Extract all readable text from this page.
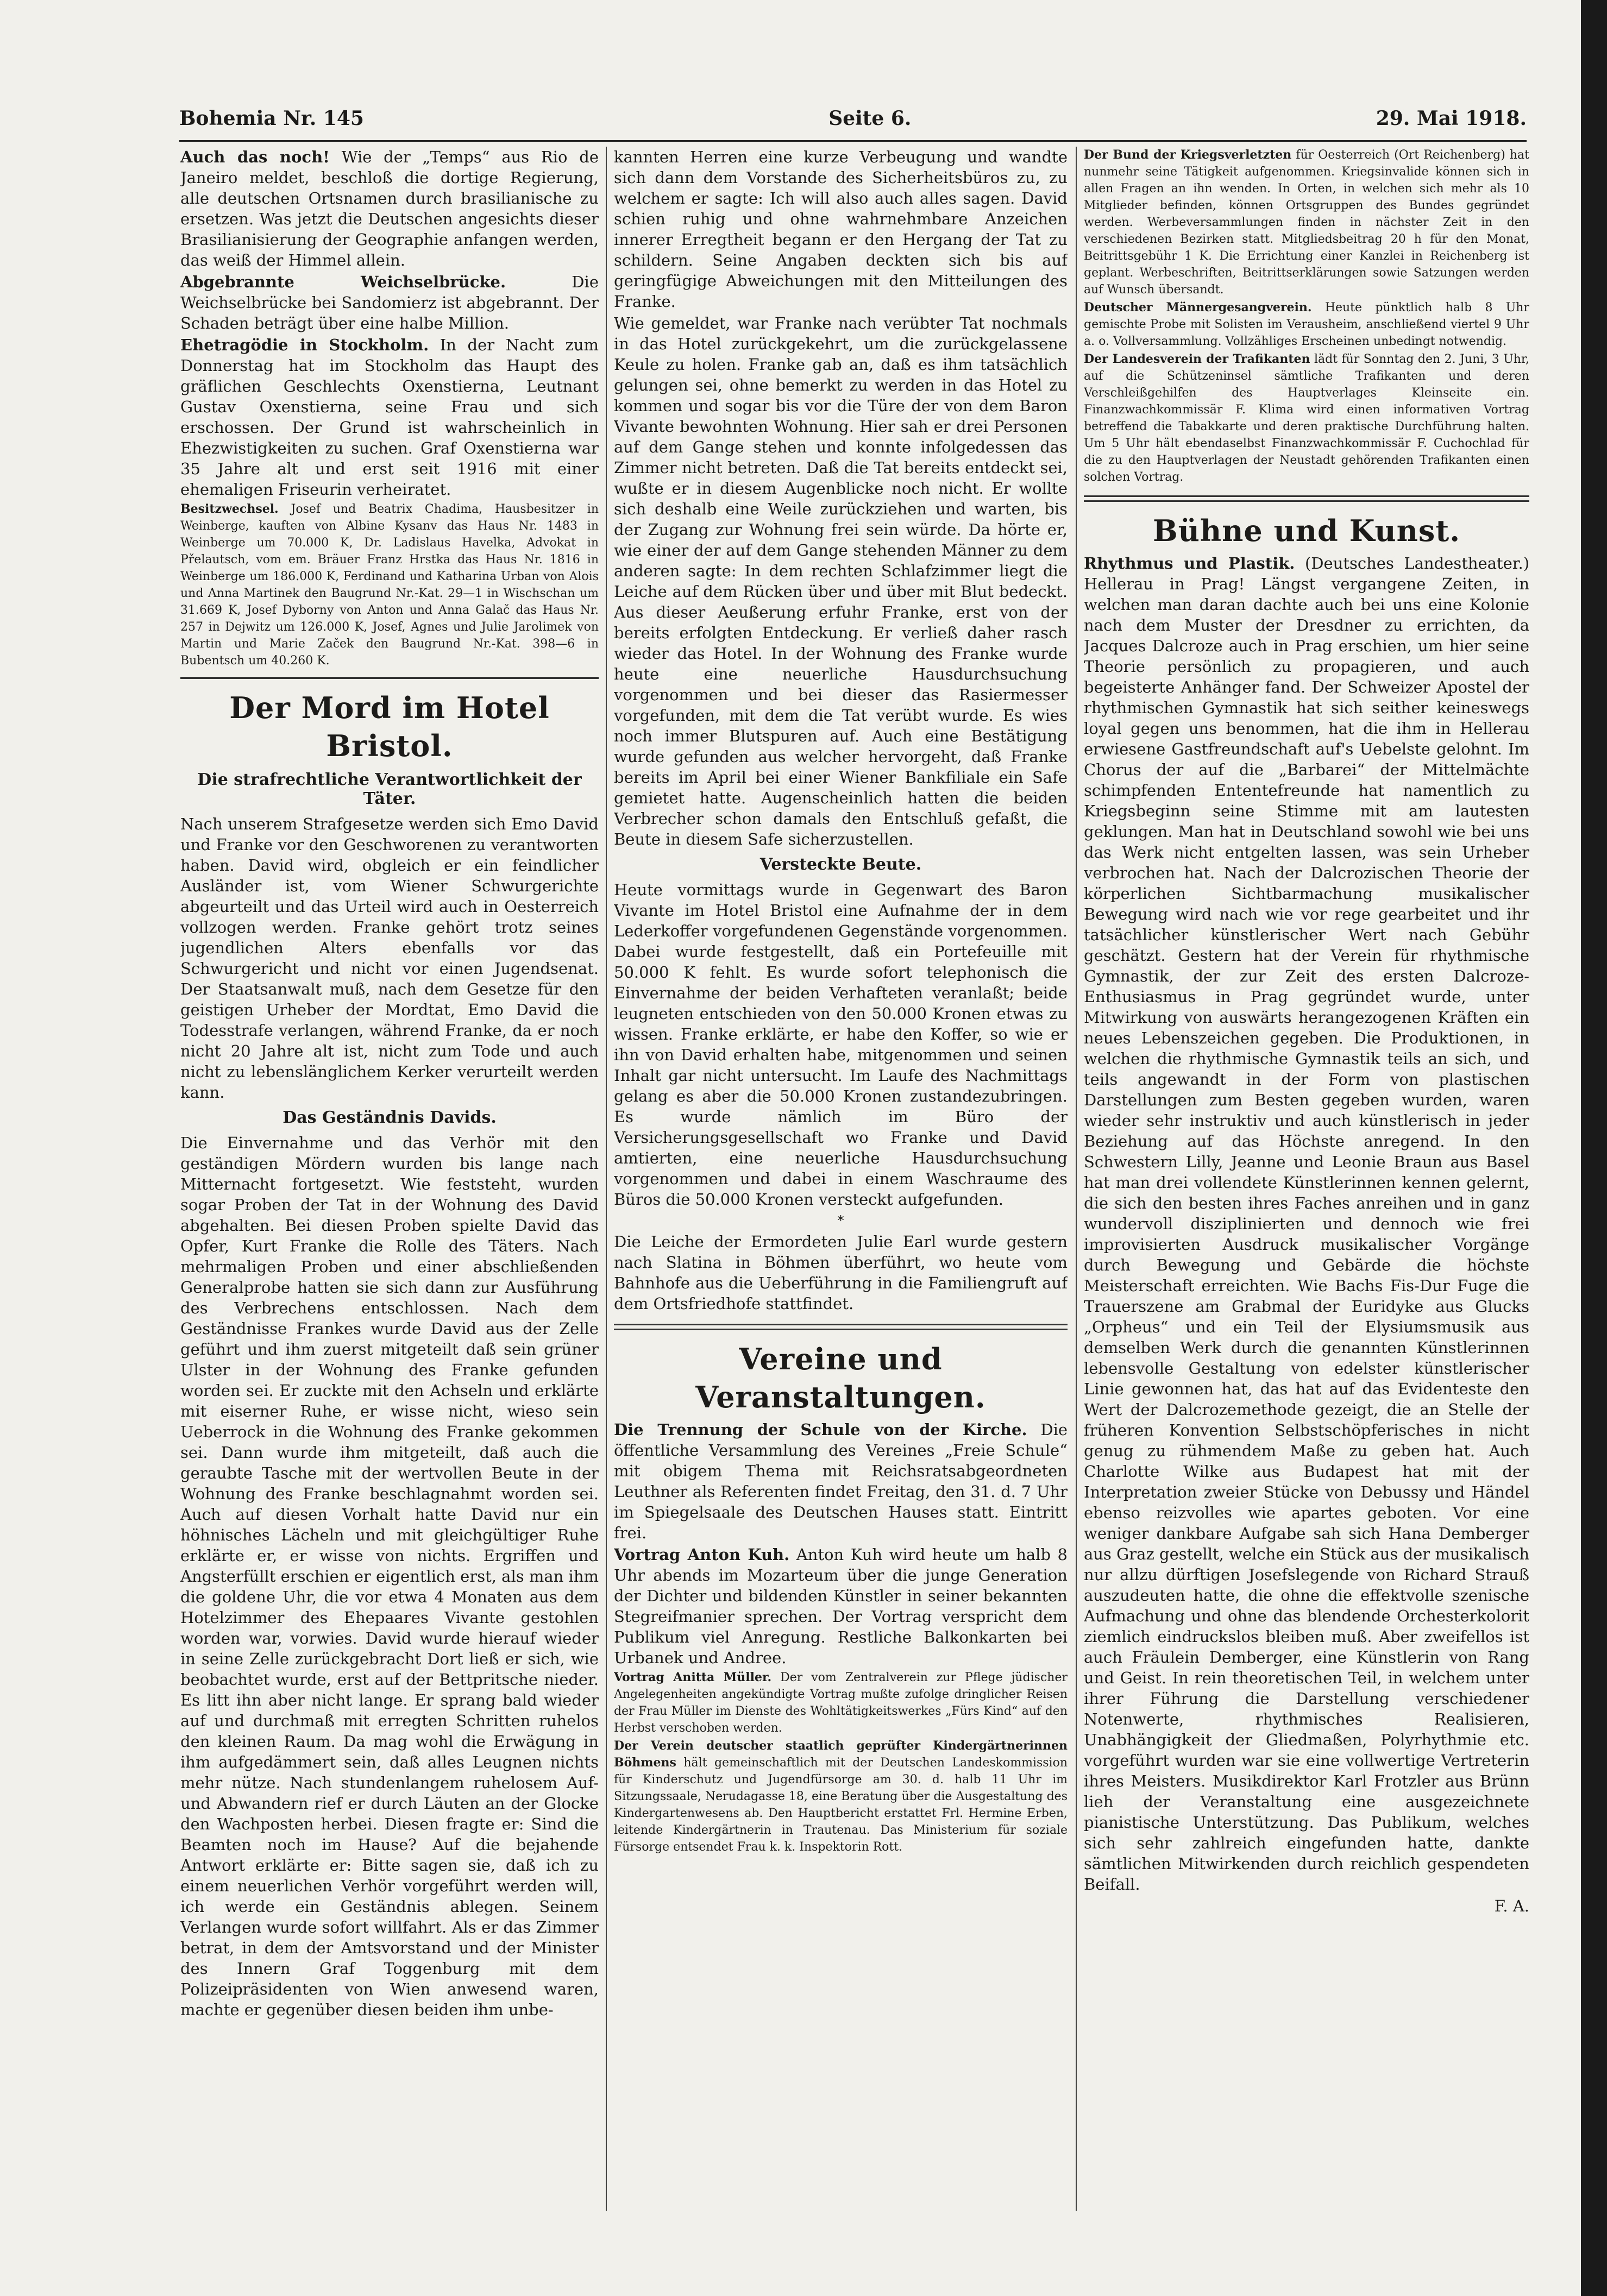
Bohemia Nr. 145	Seite 6.	29. Mai 1918.

Auch das noch! Wie der „Temps“ aus Rio de Janeiro meldet, beschloß die dortige Regierung, alle deutschen Ortsnamen durch brasilianische zu ersetzen. Was jetzt die Deutschen angesichts dieser Brasilianisierung der Geographie anfangen werden, das weiß der Himmel allein.

Abgebrannte Weichselbrücke.	Die Weichselbrücke bei Sandomierz ist abgebrannt. Der Schaden beträgt über eine halbe Million.

Ehetragödie in Stockholm. In der Nacht zum Donnerstag hat im Stockholm das Haupt des gräflichen Geschlechts Oxenstierna, Leutnant Gustav Oxenstierna, seine Frau und sich erschossen. Der Grund ist wahrscheinlich in Ehezwistigkeiten zu suchen. Graf Oxenstierna war 35 Jahre alt und erst seit 1916 mit einer ehemaligen Friseurin verheiratet.

Besitzwechsel. Josef und Beatrix Chadima, Hausbesitzer in Weinberge, kauften von Albine Kysanv das Haus Nr. 1483 in Weinberge um 70.000 K, Dr. Ladislaus Havelka, Advokat in Přelautsch, vom em. Bräuer Franz Hrstka das Haus Nr. 1816 in Weinberge um 186.000 K, Ferdinand und Katharina Urban von Alois und Anna Martinek den Baugrund Nr.-Kat. 29—1 in Wischschan um 31.669 K, Josef Dyborny von Anton und Anna Galač das Haus Nr. 257 in Dejwitz um 126.000 K, Josef, Agnes und Julie Jarolimek von Martin und Marie Začek den Baugrund Nr.-Kat. 398—6 in Bubentsch um 40.260 K.

Der Mord im Hotel Bristol.
Die strafrechtliche Verantwortlichkeit der Täter.

Nach unserem Strafgesetze werden sich Emo David und Franke vor den Geschworenen zu verantworten haben. David wird, obgleich er ein feindlicher Ausländer ist, vom Wiener Schwurgerichte abgeurteilt und das Urteil wird auch in Oesterreich vollzogen werden. Franke gehört trotz seines jugendlichen Alters ebenfalls vor das Schwurgericht und nicht vor einen Jugendsenat. Der Staatsanwalt muß, nach dem Gesetze für den geistigen Urheber der Mordtat, Emo David die Todesstrafe verlangen, während Franke, da er noch nicht 20 Jahre alt ist, nicht zum Tode und auch nicht zu lebenslänglichem Kerker verurteilt werden kann.

Das Geständnis Davids.

Die Einvernahme und das Verhör mit den geständigen Mördern wurden bis lange nach Mitternacht fortgesetzt. Wie feststeht, wurden sogar Proben der Tat in der Wohnung des David abgehalten. Bei diesen Proben spielte David das Opfer, Kurt Franke die Rolle des Täters. Nach mehrmaligen Proben und einer abschließenden Generalprobe hatten sie sich dann zur Ausführung des Verbrechens entschlossen. Nach dem Geständnisse Frankes wurde David aus der Zelle geführt und ihm zuerst mitgeteilt daß sein grüner Ulster in der Wohnung des Franke gefunden worden sei. Er zuckte mit den Achseln und erklärte mit eiserner Ruhe, er wisse nicht, wieso sein Ueberrock in die Wohnung des Franke gekommen sei. Dann wurde ihm mitgeteilt, daß auch die geraubte Tasche mit der wertvollen Beute in der Wohnung des Franke beschlagnahmt worden sei. Auch auf diesen Vorhalt hatte David nur ein höhnisches Lächeln und mit gleichgültiger Ruhe erklärte er, er wisse von nichts. Ergriffen und Angsterfüllt erschien er eigentlich erst, als man ihm die goldene Uhr, die vor etwa 4 Monaten aus dem Hotelzimmer des Ehepaares Vivante gestohlen worden war, vorwies. David wurde hierauf wieder in seine Zelle zurückgebracht Dort ließ er sich, wie beobachtet wurde, erst auf der Bettpritsche nieder. Es litt ihn aber nicht lange. Er sprang bald wieder auf und durchmaß mit erregten Schritten ruhelos den kleinen Raum. Da mag wohl die Erwägung in ihm aufgedämmert sein, daß alles Leugnen nichts mehr nütze. Nach stundenlangem ruhelosem Auf- und Abwandern rief er durch Läuten an der Glocke den Wachposten herbei. Diesen fragte er: Sind die Beamten noch im Hause? Auf die bejahende Antwort erklärte er: Bitte sagen sie, daß ich zu einem neuerlichen Verhör vorgeführt werden will, ich werde ein Geständnis ablegen. Seinem Verlangen wurde sofort willfahrt. Als er das Zimmer betrat, in dem der Amtsvorstand und der Minister des Innern Graf Toggenburg mit dem Polizeipräsidenten von Wien anwesend waren, machte er gegenüber diesen beiden ihm unbe-

kannten Herren eine kurze Verbeugung und wandte sich dann dem Vorstande des Sicherheitsbüros zu, zu welchem er sagte: Ich will also auch alles sagen. David schien ruhig und ohne wahrnehmbare Anzeichen innerer Erregtheit begann er den Hergang der Tat zu schildern. Seine Angaben deckten sich bis auf geringfügige Abweichungen mit den Mitteilungen des Franke.

Wie gemeldet, war Franke nach verübter Tat nochmals in das Hotel zurückgekehrt, um die zurückgelassene Keule zu holen. Franke gab an, daß es ihm tatsächlich gelungen sei, ohne bemerkt zu werden in das Hotel zu kommen und sogar bis vor die Türe der von dem Baron Vivante bewohnten Wohnung. Hier sah er drei Personen auf dem Gange stehen und konnte infolgedessen das Zimmer nicht betreten. Daß die Tat bereits entdeckt sei, wußte er in diesem Augenblicke noch nicht. Er wollte sich deshalb eine Weile zurückziehen und warten, bis der Zugang zur Wohnung frei sein würde. Da hörte er, wie einer der auf dem Gange stehenden Männer zu dem anderen sagte: In dem rechten Schlafzimmer liegt die Leiche auf dem Rücken über und über mit Blut bedeckt. Aus dieser Aeußerung erfuhr Franke, erst von der bereits erfolgten Entdeckung. Er verließ daher rasch wieder das Hotel. In der Wohnung des Franke wurde heute eine neuerliche Hausdurchsuchung vorgenommen und bei dieser das Rasiermesser vorgefunden, mit dem die Tat verübt wurde. Es wies noch immer Blutspuren auf. Auch eine Bestätigung wurde gefunden aus welcher hervorgeht, daß Franke bereits im April bei einer Wiener Bankfiliale ein Safe gemietet hatte. Augenscheinlich hatten die beiden Verbrecher schon damals den Entschluß gefaßt, die Beute in diesem Safe sicherzustellen.

Versteckte Beute.

Heute vormittags wurde in Gegenwart des Baron Vivante im Hotel Bristol eine Aufnahme der in dem Lederkoffer vorgefundenen Gegenstände vorgenommen. Dabei wurde festgestellt, daß ein Portefeuille mit 50.000 K fehlt. Es wurde sofort telephonisch die Einvernahme der beiden Verhafteten veranlaßt; beide leugneten entschieden von den 50.000 Kronen etwas zu wissen. Franke erklärte, er habe den Koffer, so wie er ihn von David erhalten habe, mitgenommen und seinen Inhalt gar nicht untersucht. Im Laufe des Nachmittags gelang es aber die 50.000 Kronen zustandezubringen. Es wurde nämlich im Büro der Versicherungsgesellschaft wo Franke und David amtierten, eine neuerliche Hausdurchsuchung vorgenommen und dabei in einem Waschraume des Büros die 50.000 Kronen versteckt aufgefunden.

*

Die Leiche der Ermordeten Julie Earl wurde gestern nach Slatina in Böhmen überführt, wo heute vom Bahnhofe aus die Ueberführung in die Familiengruft auf dem Ortsfriedhofe stattfindet.

Vereine und Veranstaltungen.

Die Trennung der Schule von der Kirche. Die öffentliche Versammlung des Vereines „Freie Schule“ mit obigem Thema mit Reichsratsabgeordneten Leuthner als Referenten findet Freitag, den 31. d. 7 Uhr im Spiegelsaale des Deutschen Hauses statt. Eintritt frei.

Vortrag Anton Kuh. Anton Kuh wird heute um halb 8 Uhr abends im Mozarteum über die junge Generation der Dichter und bildenden Künstler in seiner bekannten Stegreifmanier sprechen. Der Vortrag verspricht dem Publikum viel Anregung. Restliche Balkonkarten bei Urbanek und Andree.

Vortrag Anitta Müller. Der vom Zentralverein zur Pflege jüdischer Angelegenheiten angekündigte Vortrag mußte zufolge dringlicher Reisen der Frau Müller im Dienste des Wohltätigkeitswerkes „Fürs Kind“ auf den Herbst verschoben werden.

Der Verein deutscher staatlich geprüfter Kindergärtnerinnen Böhmens hält gemeinschaftlich mit der Deutschen Landeskommission für Kinderschutz und Jugendfürsorge am 30. d. halb 11 Uhr im Sitzungssaale, Nerudagasse 18, eine Beratung über die Ausgestaltung des Kindergartenwesens ab. Den Hauptbericht erstattet Frl. Hermine Erben, leitende Kindergärtnerin in Trautenau. Das Ministerium für soziale Fürsorge entsendet Frau k. k. Inspektorin Rott.

Der Bund der Kriegsverletzten für Oesterreich (Ort Reichenberg) hat nunmehr seine Tätigkeit aufgenommen. Kriegsinvalide können sich in allen Fragen an ihn wenden. In Orten, in welchen sich mehr als 10 Mitglieder befinden, können Ortsgruppen des Bundes gegründet werden. Werbeversammlungen finden in nächster Zeit in den verschiedenen Bezirken statt. Mitgliedsbeitrag 20 h für den Monat, Beitrittsgebühr 1 K. Die Errichtung einer Kanzlei in Reichenberg ist geplant. Werbeschriften, Beitrittserklärungen sowie Satzungen werden auf Wunsch übersandt.

Deutscher Männergesangverein. Heute pünktlich halb 8 Uhr gemischte Probe mit Solisten im Verausheim, anschließend viertel 9 Uhr a. o. Vollversammlung. Vollzähliges Erscheinen unbedingt notwendig.

Der Landesverein der Trafikanten lädt für Sonntag den 2. Juni, 3 Uhr, auf die Schützeninsel sämtliche Trafikanten und deren Verschleißgehilfen des Hauptverlages Kleinseite ein. Finanzwachkommissär F. Klima wird einen informativen Vortrag betreffend die Tabakkarte und deren praktische Durchführung halten. Um 5 Uhr hält ebendaselbst Finanzwachkommissär F. Cuchochlad für die zu den Hauptverlagen der Neustadt gehörenden Trafikanten einen solchen Vortrag.

Bühne und Kunst.

Rhythmus und Plastik. (Deutsches Landestheater.) Hellerau in Prag! Längst vergangene Zeiten, in welchen man daran dachte auch bei uns eine Kolonie nach dem Muster der Dresdner zu errichten, da Jacques Dalcroze auch in Prag erschien, um hier seine Theorie persönlich zu propagieren, und auch begeisterte Anhänger fand. Der Schweizer Apostel der rhythmischen Gymnastik hat sich seither keineswegs loyal gegen uns benommen, hat die ihm in Hellerau erwiesene Gastfreundschaft auf's Uebelste gelohnt. Im Chorus der auf die „Barbarei“ der Mittelmächte schimpfenden Ententefreunde hat namentlich zu Kriegsbeginn seine Stimme mit am lautesten geklungen. Man hat in Deutschland sowohl wie bei uns das Werk nicht entgelten lassen, was sein Urheber verbrochen hat. Nach der Dalcrozischen Theorie der körperlichen Sichtbarmachung musikalischer Bewegung wird nach wie vor rege gearbeitet und ihr tatsächlicher künstlerischer Wert nach Gebühr geschätzt. Gestern hat der Verein für rhythmische Gymnastik, der zur Zeit des ersten Dalcroze-Enthusiasmus in Prag gegründet wurde, unter Mitwirkung von auswärts herangezogenen Kräften ein neues Lebenszeichen gegeben. Die Produktionen, in welchen die rhythmische Gymnastik teils an sich, und teils angewandt in der Form von plastischen Darstellungen zum Besten gegeben wurden, waren wieder sehr instruktiv und auch künstlerisch in jeder Beziehung auf das Höchste anregend. In den Schwestern Lilly, Jeanne und Leonie Braun aus Basel hat man drei vollendete Künstlerinnen kennen gelernt, die sich den besten ihres Faches anreihen und in ganz wundervoll disziplinierten und dennoch wie frei improvisierten Ausdruck musikalischer Vorgänge durch Bewegung und Gebärde die höchste Meisterschaft erreichten. Wie Bachs Fis-Dur Fuge die Trauerszene am Grabmal der Euridyke aus Glucks „Orpheus“ und ein Teil der Elysiumsmusik aus demselben Werk durch die genannten Künstlerinnen lebensvolle Gestaltung von edelster künstlerischer Linie gewonnen hat, das hat auf das Evidenteste den Wert der Dalcrozemethode gezeigt, die an Stelle der früheren Konvention Selbstschöpferisches in nicht genug zu rühmendem Maße zu geben hat. Auch Charlotte Wilke aus Budapest hat mit der Interpretation zweier Stücke von Debussy und Händel ebenso reizvolles wie apartes geboten. Vor eine weniger dankbare Aufgabe sah sich Hana Demberger aus Graz gestellt, welche ein Stück aus der musikalisch nur allzu dürftigen Josefslegende von Richard Strauß auszudeuten hatte, die ohne die effektvolle szenische Aufmachung und ohne das blendende Orchesterkolorit ziemlich eindruckslos bleiben muß. Aber zweifellos ist auch Fräulein Demberger, eine Künstlerin von Rang und Geist. In rein theoretischen Teil, in welchem unter ihrer Führung die Darstellung verschiedener Notenwerte, rhythmisches Realisieren, Unabhängigkeit der Gliedmaßen, Polyrhythmie etc. vorgeführt wurden war sie eine vollwertige Vertreterin ihres Meisters. Musikdirektor Karl Frotzler aus Brünn lieh der Veranstaltung eine ausgezeichnete pianistische Unterstützung. Das Publikum, welches sich sehr zahlreich eingefunden hatte, dankte sämtlichen Mitwirkenden durch reichlich gespendeten Beifall.

F. A.
